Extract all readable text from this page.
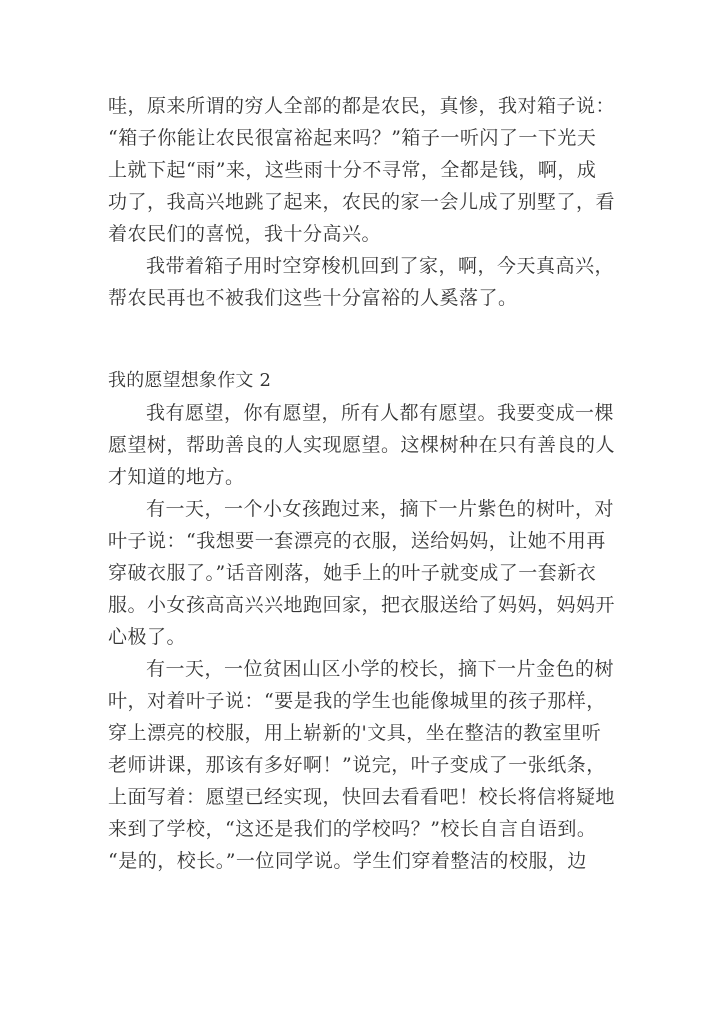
哇，原来所谓的穷人全部的都是农民，真惨，我对箱子说：
“箱子你能让农民很富裕起来吗？”箱子一听闪了一下光天
上就下起“雨”来，这些雨十分不寻常，全都是钱，啊，成
功了，我高兴地跳了起来，农民的家一会儿成了别墅了，看
着农民们的喜悦，我十分高兴。
我带着箱子用时空穿梭机回到了家，啊，今天真高兴，
帮农民再也不被我们这些十分富裕的人奚落了。
我的愿望想象作文 2
我有愿望，你有愿望，所有人都有愿望。我要变成一棵
愿望树，帮助善良的人实现愿望。这棵树种在只有善良的人
才知道的地方。
有一天，一个小女孩跑过来，摘下一片紫色的树叶，对
叶子说：“我想要一套漂亮的衣服，送给妈妈，让她不用再
穿破衣服了。”话音刚落，她手上的叶子就变成了一套新衣
服。小女孩高高兴兴地跑回家，把衣服送给了妈妈，妈妈开
心极了。
有一天，一位贫困山区小学的校长，摘下一片金色的树
叶，对着叶子说：“要是我的学生也能像城里的孩子那样，
穿上漂亮的校服，用上崭新的'文具，坐在整洁的教室里听
老师讲课，那该有多好啊！”说完，叶子变成了一张纸条，
上面写着：愿望已经实现，快回去看看吧！校长将信将疑地
来到了学校，“这还是我们的学校吗？”校长自言自语到。
“是的，校长。”一位同学说。学生们穿着整洁的校服，边
